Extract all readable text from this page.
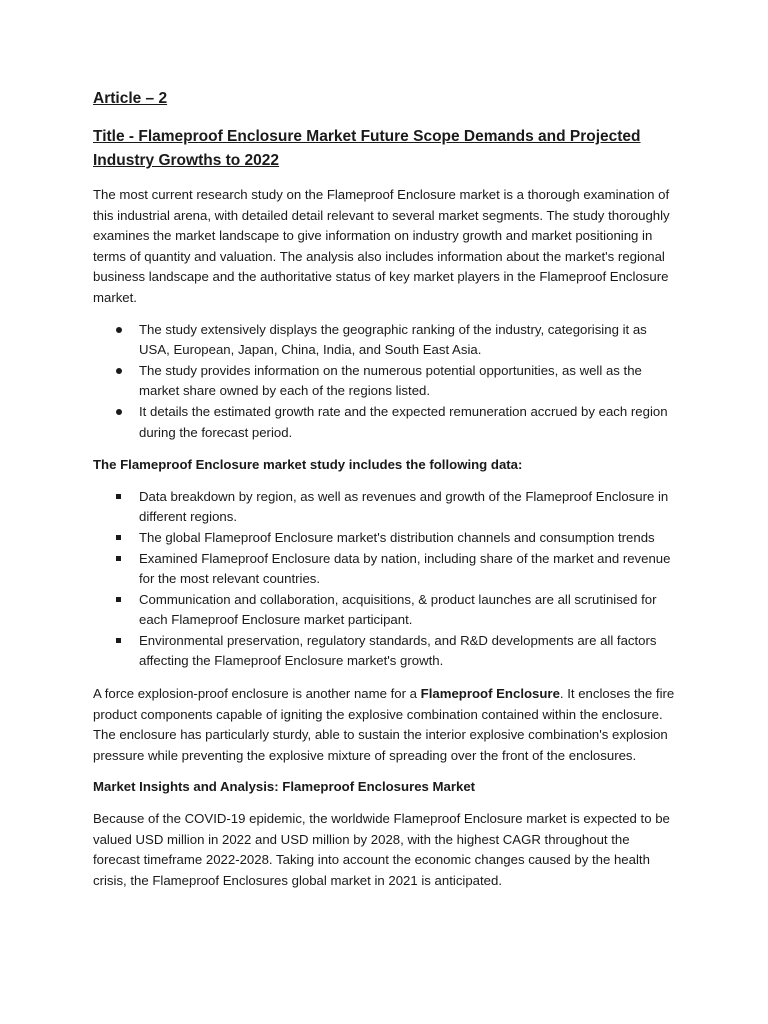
Article – 2
Title - Flameproof Enclosure Market Future Scope Demands and Projected Industry Growths to 2022

The most current research study on the Flameproof Enclosure market is a thorough examination of this industrial arena, with detailed detail relevant to several market segments. The study thoroughly examines the market landscape to give information on industry growth and market positioning in terms of quantity and valuation. The analysis also includes information about the market's regional business landscape and the authoritative status of key market players in the Flameproof Enclosure market.

The study extensively displays the geographic ranking of the industry, categorising it as USA, European, Japan, China, India, and South East Asia.
The study provides information on the numerous potential opportunities, as well as the market share owned by each of the regions listed.
It details the estimated growth rate and the expected remuneration accrued by each region during the forecast period.
The Flameproof Enclosure market study includes the following data:
Data breakdown by region, as well as revenues and growth of the Flameproof Enclosure in different regions.
The global Flameproof Enclosure market's distribution channels and consumption trends
Examined Flameproof Enclosure data by nation, including share of the market and revenue for the most relevant countries.
Communication and collaboration, acquisitions, & product launches are all scrutinised for each Flameproof Enclosure market participant.
Environmental preservation, regulatory standards, and R&D developments are all factors affecting the Flameproof Enclosure market's growth.

A force explosion-proof enclosure is another name for a Flameproof Enclosure. It encloses the fire product components capable of igniting the explosive combination contained within the enclosure. The enclosure has particularly sturdy, able to sustain the interior explosive combination's explosion pressure while preventing the explosive mixture of spreading over the front of the enclosures.

Market Insights and Analysis: Flameproof Enclosures Market

Because of the COVID-19 epidemic, the worldwide Flameproof Enclosure market is expected to be valued USD million in 2022 and USD million by 2028, with the highest CAGR throughout the forecast timeframe 2022-2028. Taking into account the economic changes caused by the health crisis, the Flameproof Enclosures global market in 2021 is anticipated.
